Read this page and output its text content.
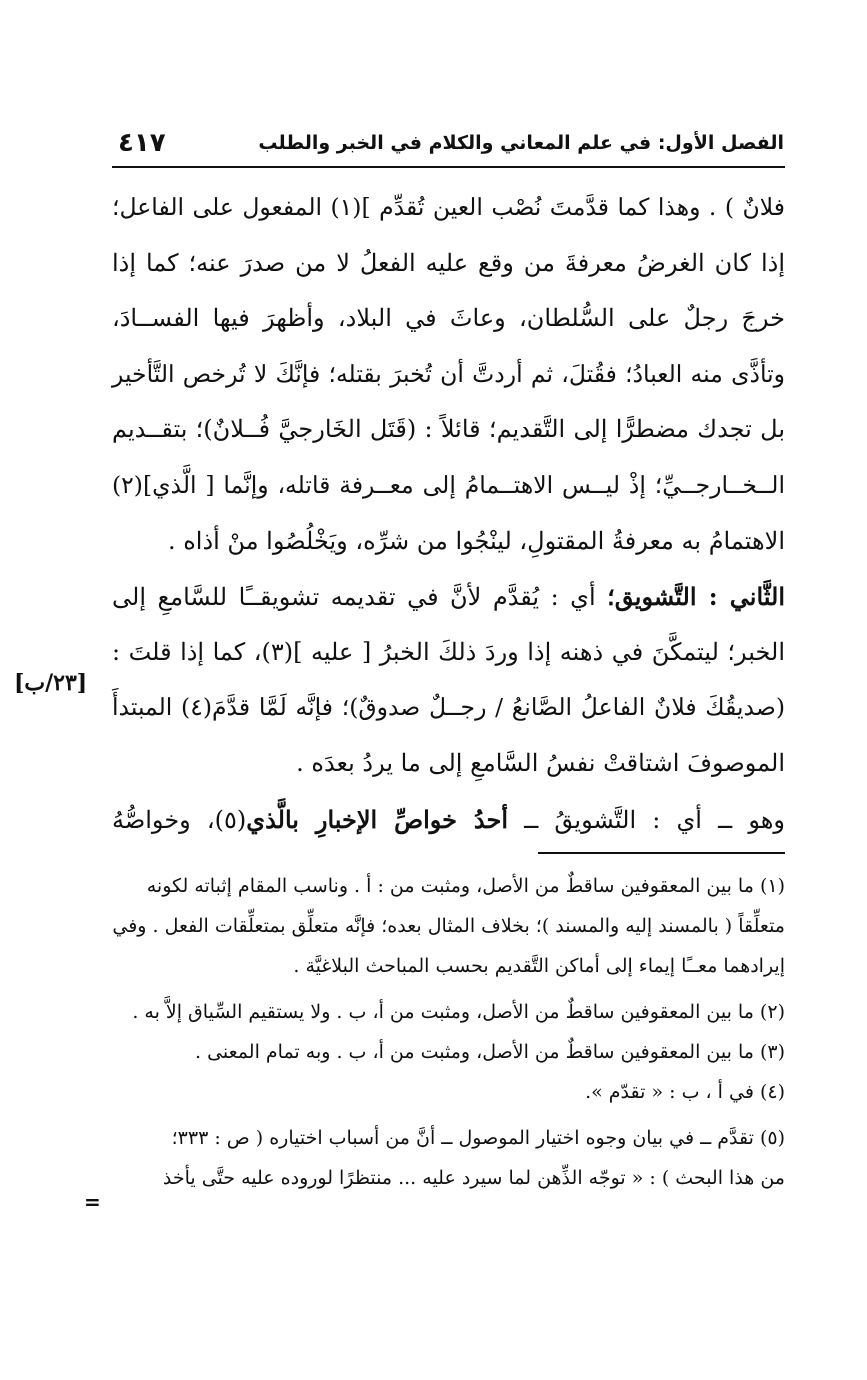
الفصل الأول: في علم المعاني والكلام في الخبر والطلب
٤١٧
[٢٣/ب]
فلانٌ ) . وهذا كما قدَّمتَ نُصْب العين تُقدِّم ](١) المفعول على الفاعل؛
إذا كان الغرضُ معرفةَ من وقع عليه الفعلُ لا من صدرَ عنه؛ كما إذا
خرجَ رجلٌ على السُّلطان، وعاثَ في البلاد، وأظهرَ فيها الفســادَ،
وتأذَّى منه العبادُ؛ فقُتلَ، ثم أردتَّ أن تُخبرَ بقتله؛ فإنَّكَ لا تُرخص التَّأخير
بل تجدك مضطرًّا إلى التَّقديم؛ قائلاً : (قَتَل الخَارجيَّ فُــلانٌ)؛ بتقــديم
الــخــارجــيِّ؛ إذْ ليــس الاهتــمامُ إلى معــرفة قاتله، وإنَّما [ الَّذي](٢)
الاهتمامُ به معرفةُ المقتولِ، لينْجُوا من شرِّه، ويَخْلُصُوا منْ أذاه .
الثَّاني : التَّشويق؛ أي : يُقدَّم لأنَّ في تقديمه تشويقــًا للسَّامعِ إلى
الخبر؛ ليتمكَّنَ في ذهنه إذا وردَ ذلكَ الخبرُ [ عليه ](٣)، كما إذا قلتَ :
(صديقُكَ فلانٌ الفاعلُ الصَّانعُ / رجــلٌ صدوقٌ)؛ فإنَّه لَمَّا قدَّمَ(٤) المبتدأَ
الموصوفَ اشتاقتْ نفسُ السَّامعِ إلى ما يردُ بعدَه .
وهو ــ أي : التَّشويقُ ــ أحدُ خواصِّ الإخبارِ بالَّذي(٥)، وخواصُّهُ
(١) ما بين المعقوفين ساقطٌ من الأصل، ومثبت من : أ . وناسب المقام إثباته لكونه
متعلِّقاً ( بالمسند إليه والمسند )؛ بخلاف المثال بعده؛ فإنَّه متعلِّق بمتعلِّقات الفعل . وفي
إيرادهما معــًا إيماء إلى أماكن التَّقديم بحسب المباحث البلاغيَّة .
(٢) ما بين المعقوفين ساقطٌ من الأصل، ومثبت من أ، ب . ولا يستقيم السِّياق إلاَّ به .
(٣) ما بين المعقوفين ساقطٌ من الأصل، ومثبت من أ، ب . وبه تمام المعنى .
(٤) في أ ، ب : « تقدّم ».
(٥) تقدَّم ــ في بيان وجوه اختيار الموصول ــ أنَّ من أسباب اختياره ( ص : ٣٣٣؛
من هذا البحث ) : « توجّه الذِّهن لما سيرد عليه ... منتظرًا لوروده عليه حتَّى يأخذ
=
